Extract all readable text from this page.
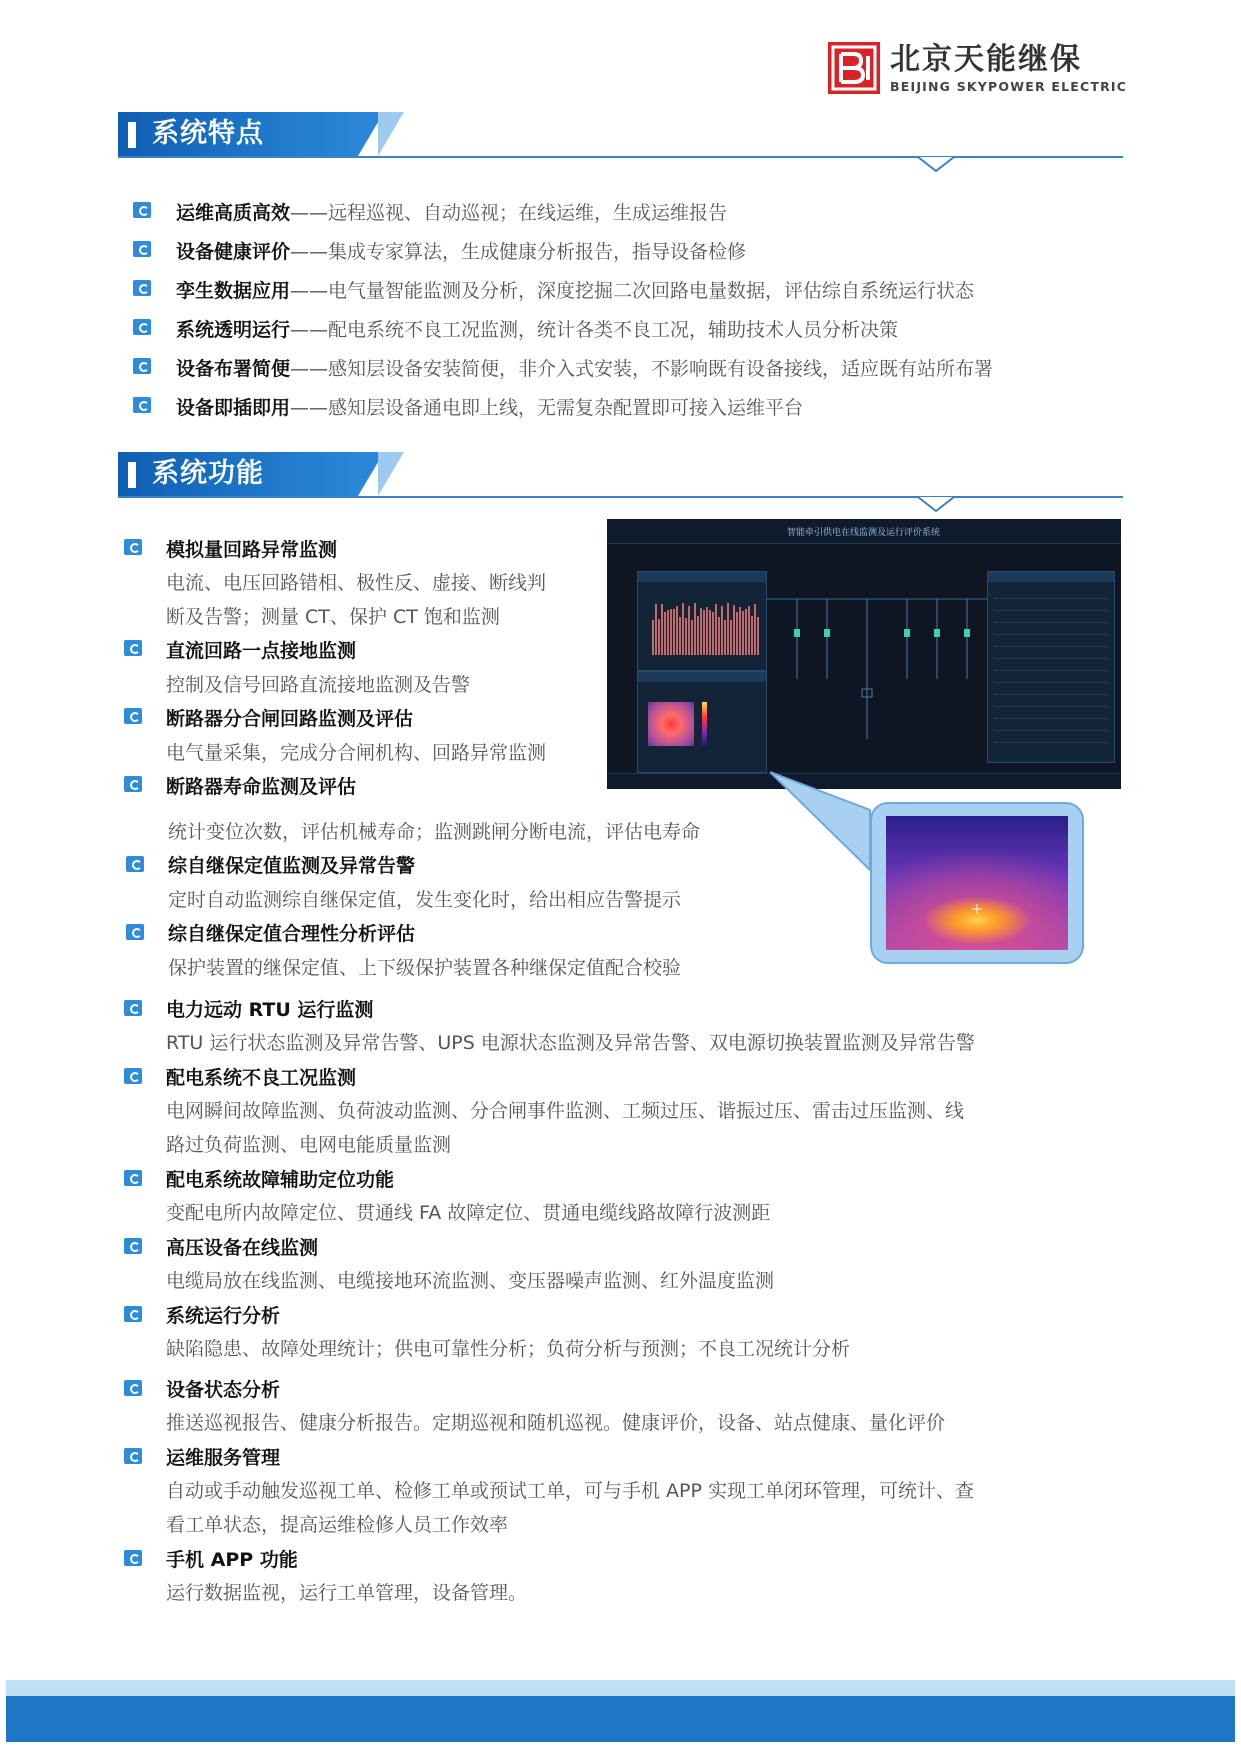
北京天能继保
BEIJING SKYPOWER ELECTRIC
系统特点
运维高质高效——远程巡视、自动巡视；在线运维，生成运维报告
设备健康评价——集成专家算法，生成健康分析报告，指导设备检修
孪生数据应用——电气量智能监测及分析，深度挖掘二次回路电量数据，评估综自系统运行状态
系统透明运行——配电系统不良工况监测，统计各类不良工况，辅助技术人员分析决策
设备布署简便——感知层设备安装简便，非介入式安装，不影响既有设备接线，适应既有站所布署
设备即插即用——感知层设备通电即上线，无需复杂配置即可接入运维平台
系统功能
模拟量回路异常监测
电流、电压回路错相、极性反、虚接、断线判
断及告警；测量 CT、保护 CT 饱和监测
直流回路一点接地监测
控制及信号回路直流接地监测及告警
断路器分合闸回路监测及评估
电气量采集，完成分合闸机构、回路异常监测
断路器寿命监测及评估
统计变位次数，评估机械寿命；监测跳闸分断电流，评估电寿命
综自继保定值监测及异常告警
定时自动监测综自继保定值，发生变化时，给出相应告警提示
综自继保定值合理性分析评估
保护装置的继保定值、上下级保护装置各种继保定值配合校验
电力远动 RTU 运行监测
RTU 运行状态监测及异常告警、UPS 电源状态监测及异常告警、双电源切换装置监测及异常告警
配电系统不良工况监测
电网瞬间故障监测、负荷波动监测、分合闸事件监测、工频过压、谐振过压、雷击过压监测、线
路过负荷监测、电网电能质量监测
配电系统故障辅助定位功能
变配电所内故障定位、贯通线 FA 故障定位、贯通电缆线路故障行波测距
高压设备在线监测
电缆局放在线监测、电缆接地环流监测、变压器噪声监测、红外温度监测
系统运行分析
缺陷隐患、故障处理统计；供电可靠性分析；负荷分析与预测；不良工况统计分析
设备状态分析
推送巡视报告、健康分析报告。定期巡视和随机巡视。健康评价，设备、站点健康、量化评价
运维服务管理
自动或手动触发巡视工单、检修工单或预试工单，可与手机 APP 实现工单闭环管理，可统计、查
看工单状态，提高运维检修人员工作效率
手机 APP 功能
运行数据监视，运行工单管理，设备管理。
智能牵引供电在线监测及运行评价系统
